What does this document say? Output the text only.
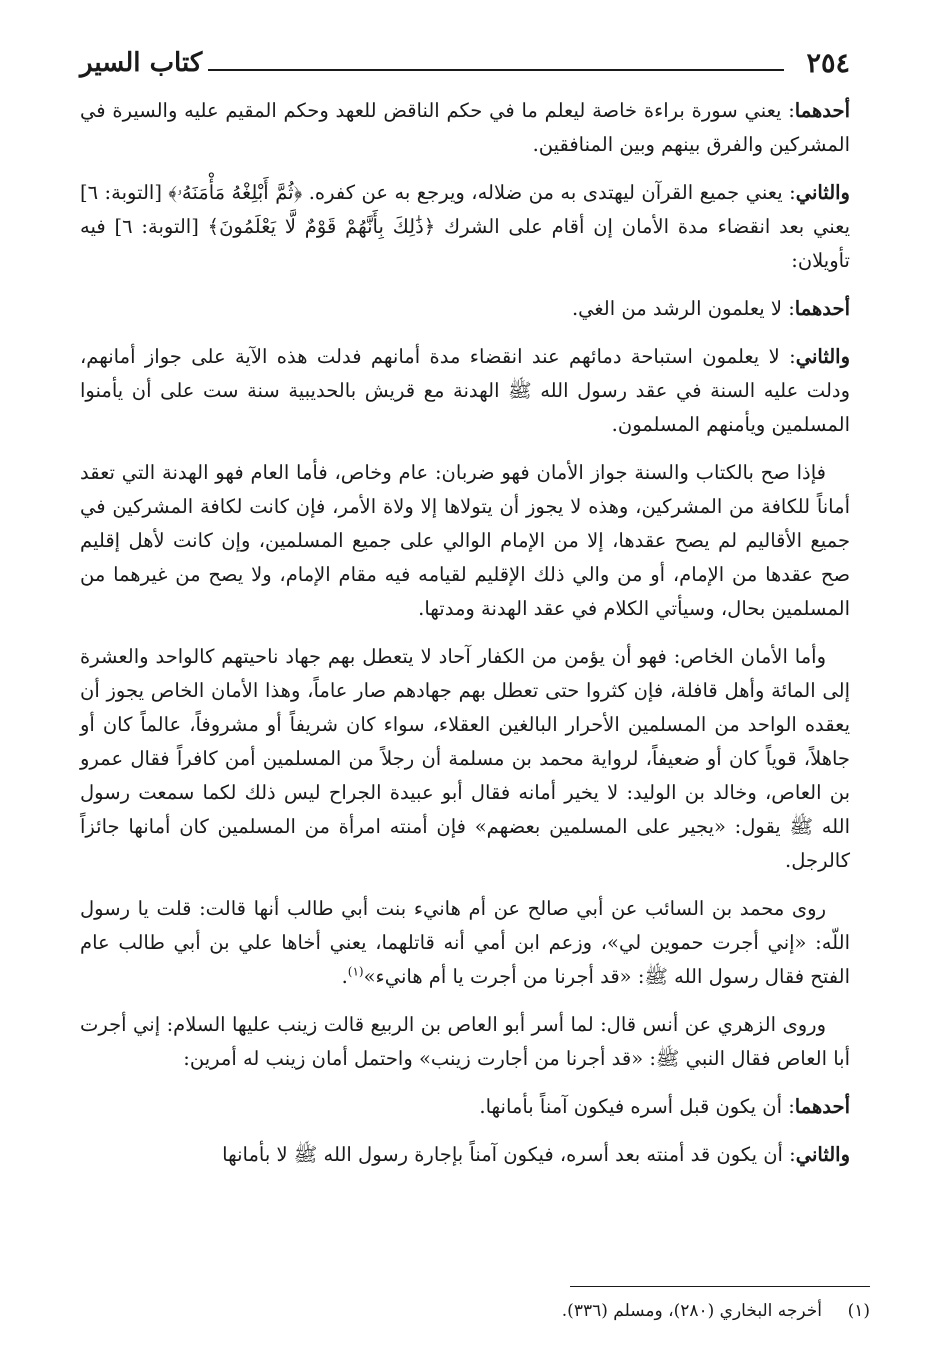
٢٥٤
كتاب السير

أحدهما: يعني سورة براءة خاصة ليعلم ما في حكم الناقض للعهد وحكم المقيم عليه والسيرة في المشركين والفرق بينهم وبين المنافقين.

والثاني: يعني جميع القرآن ليهتدى به من ضلاله، ويرجع به عن كفره. ﴿ثُمَّ أَبْلِغْهُ مَأْمَنَهُۥ﴾ [التوبة: ٦] يعني بعد انقضاء مدة الأمان إن أقام على الشرك ﴿ذَٰلِكَ بِأَنَّهُمْ قَوْمٌ لَّا يَعْلَمُونَ﴾ [التوبة: ٦] فيه تأويلان:

أحدهما: لا يعلمون الرشد من الغي.

والثاني: لا يعلمون استباحة دمائهم عند انقضاء مدة أمانهم فدلت هذه الآية على جواز أمانهم، ودلت عليه السنة في عقد رسول الله ﷺ الهدنة مع قريش بالحديبية سنة ست على أن يأمنوا المسلمين ويأمنهم المسلمون.

فإذا صح بالكتاب والسنة جواز الأمان فهو ضربان: عام وخاص، فأما العام فهو الهدنة التي تعقد أماناً للكافة من المشركين، وهذه لا يجوز أن يتولاها إلا ولاة الأمر، فإن كانت لكافة المشركين في جميع الأقاليم لم يصح عقدها، إلا من الإمام الوالي على جميع المسلمين، وإن كانت لأهل إقليم صح عقدها من الإمام، أو من والي ذلك الإقليم لقيامه فيه مقام الإمام، ولا يصح من غيرهما من المسلمين بحال، وسيأتي الكلام في عقد الهدنة ومدتها.

وأما الأمان الخاص: فهو أن يؤمن من الكفار آحاد لا يتعطل بهم جهاد ناحيتهم كالواحد والعشرة إلى المائة وأهل قافلة، فإن كثروا حتى تعطل بهم جهادهم صار عاماً، وهذا الأمان الخاص يجوز أن يعقده الواحد من المسلمين الأحرار البالغين العقلاء، سواء كان شريفاً أو مشروفاً، عالماً كان أو جاهلاً، قوياً كان أو ضعيفاً، لرواية محمد بن مسلمة أن رجلاً من المسلمين أمن كافراً فقال عمرو بن العاص، وخالد بن الوليد: لا يخير أمانه فقال أبو عبيدة الجراح ليس ذلك لكما سمعت رسول الله ﷺ يقول: «يجير على المسلمين بعضهم» فإن أمنته امرأة من المسلمين كان أمانها جائزاً كالرجل.

روى محمد بن السائب عن أبي صالح عن أم هانيء بنت أبي طالب أنها قالت: قلت يا رسول اللّه: «إني أجرت حموين لي»، وزعم ابن أمي أنه قاتلهما، يعني أخاها علي بن أبي طالب عام الفتح فقال رسول الله ﷺ: «قد أجرنا من أجرت يا أم هانيء»$^{(١)}$.

وروى الزهري عن أنس قال: لما أسر أبو العاص بن الربيع قالت زينب عليها السلام: إني أجرت أبا العاص فقال النبي ﷺ: «قد أجرنا من أجارت زينب» واحتمل أمان زينب له أمرين:

أحدهما: أن يكون قبل أسره فيكون آمناً بأمانها.

والثاني: أن يكون قد أمنته بعد أسره، فيكون آمناً بإجارة رسول الله ﷺ لا بأمانها

(١)أخرجه البخاري (٢٨٠)، ومسلم (٣٣٦).
